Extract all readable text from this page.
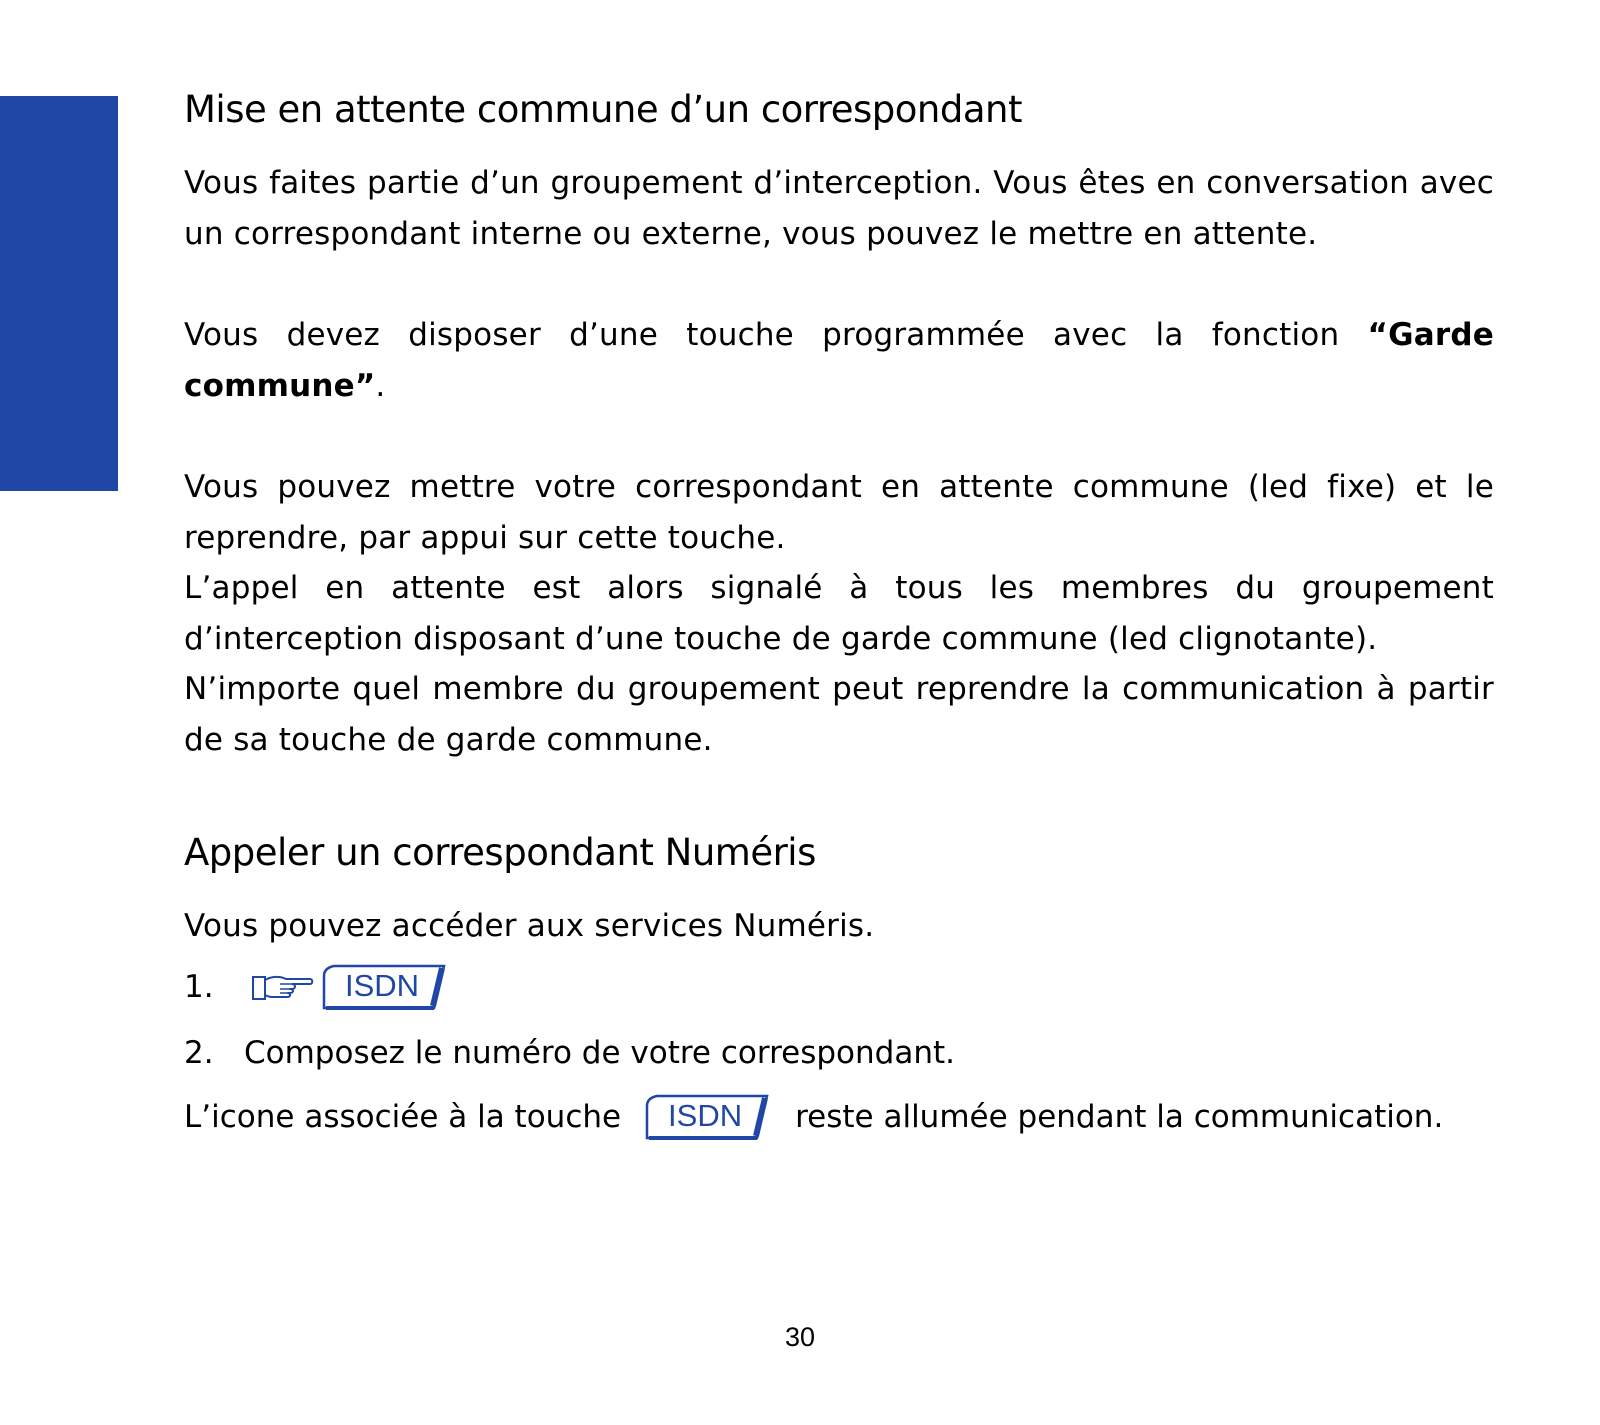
Mise en attente commune d’un correspondant

Vous faites partie d’un groupement d’interception. Vous êtes en conversation avec un correspondant interne ou externe, vous pouvez le mettre en attente.

Vous devez disposer d’une touche programmée avec la fonction “Garde commune”.

Vous pouvez mettre votre correspondant en attente commune (led fixe) et le reprendre, par appui sur cette touche.

L’appel en attente est alors signalé à tous les membres du groupement d’interception disposant d’une touche de garde commune (led clignotante).

N’importe quel membre du groupement peut reprendre la communication à partir de sa touche de garde commune.

Appeler un correspondant Numéris

Vous pouvez accéder aux services Numéris.

1.	ISDN
2. Composez le numéro de votre correspondant.
L’icone associée à la touche ISDN reste allumée pendant la communication.
30
